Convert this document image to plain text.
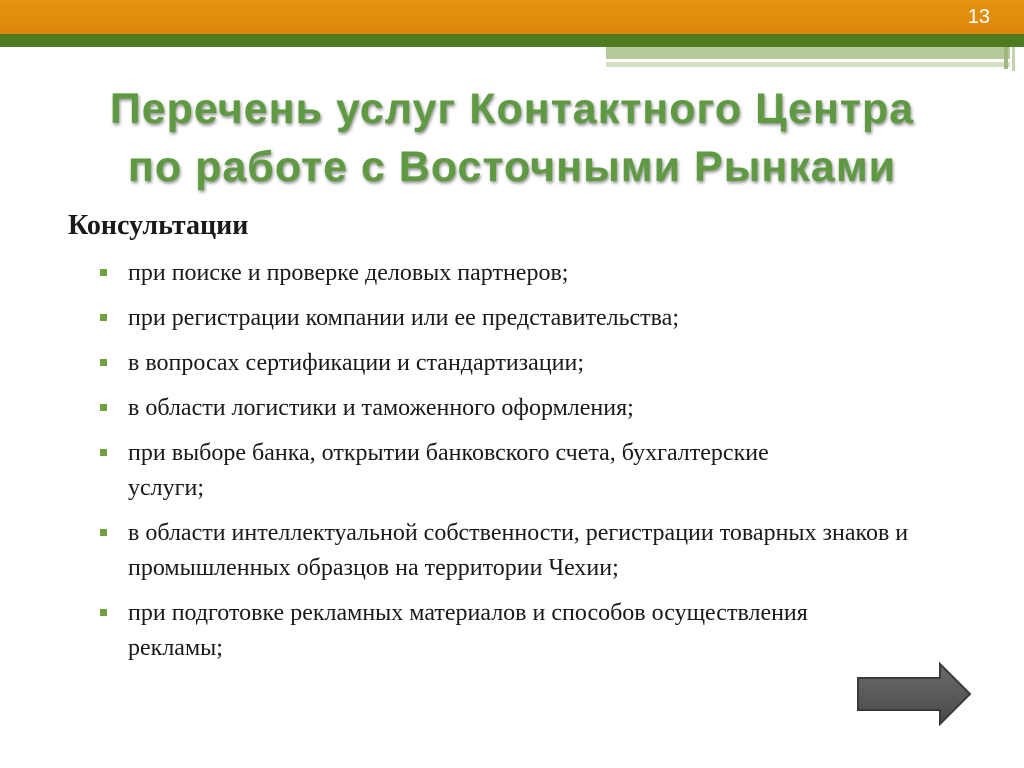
13
Перечень услуг Контактного Центра
по работе с Восточными Рынками
Консультации
при поиске и проверке деловых партнеров;
при регистрации компании или ее представительства;
в вопросах сертификации и стандартизации;
в области логистики и таможенного оформления;
при выборе банка, открытии банковского счета, бухгалтерские услуги;
в области интеллектуальной собственности, регистрации товарных знаков и промышленных образцов на территории Чехии;
при подготовке рекламных материалов и способов осуществления рекламы;
